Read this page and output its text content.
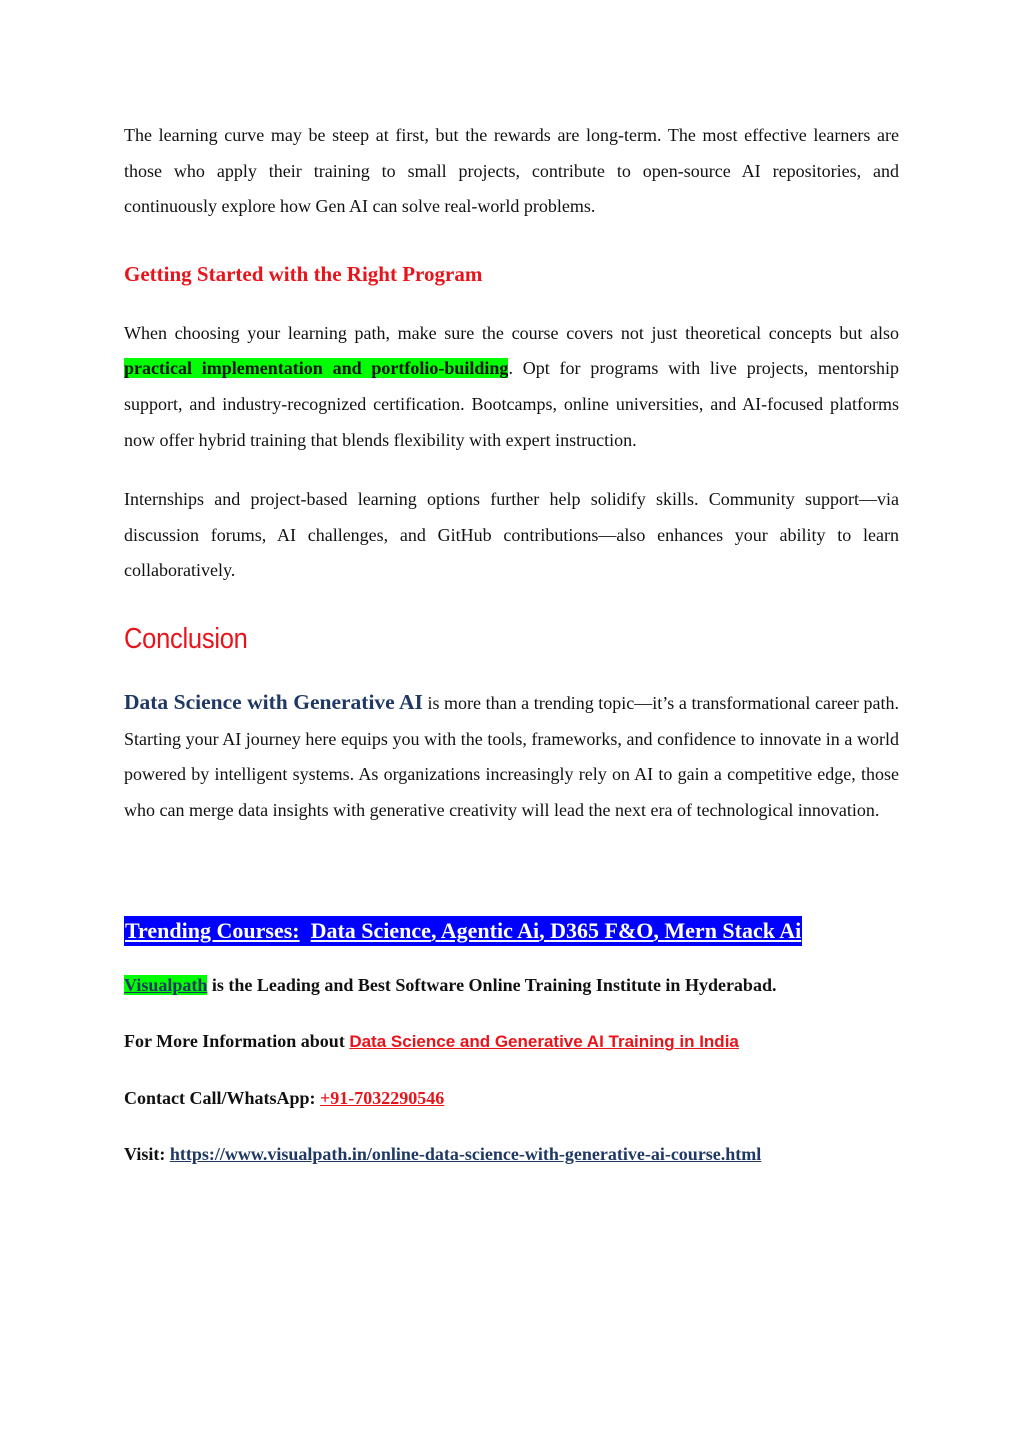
The learning curve may be steep at first, but the rewards are long-term. The most effective learners are those who apply their training to small projects, contribute to open-source AI repositories, and continuously explore how Gen AI can solve real-world problems.

Getting Started with the Right Program

When choosing your learning path, make sure the course covers not just theoretical concepts but also practical implementation and portfolio-building. Opt for programs with live projects, mentorship support, and industry-recognized certification. Bootcamps, online universities, and AI-focused platforms now offer hybrid training that blends flexibility with expert instruction.

Internships and project-based learning options further help solidify skills. Community support—via discussion forums, AI challenges, and GitHub contributions—also enhances your ability to learn collaboratively.

Conclusion

Data Science with Generative AI is more than a trending topic—it’s a transformational career path. Starting your AI journey here equips you with the tools, frameworks, and confidence to innovate in a world powered by intelligent systems. As organizations increasingly rely on AI to gain a competitive edge, those who can merge data insights with generative creativity will lead the next era of technological innovation.

Trending Courses: Data Science, Agentic Ai, D365 F&O, Mern Stack Ai

Visualpath is the Leading and Best Software Online Training Institute in Hyderabad.

For More Information about Data Science and Generative AI Training in India

Contact Call/WhatsApp: +91-7032290546

Visit: https://www.visualpath.in/online-data-science-with-generative-ai-course.html
